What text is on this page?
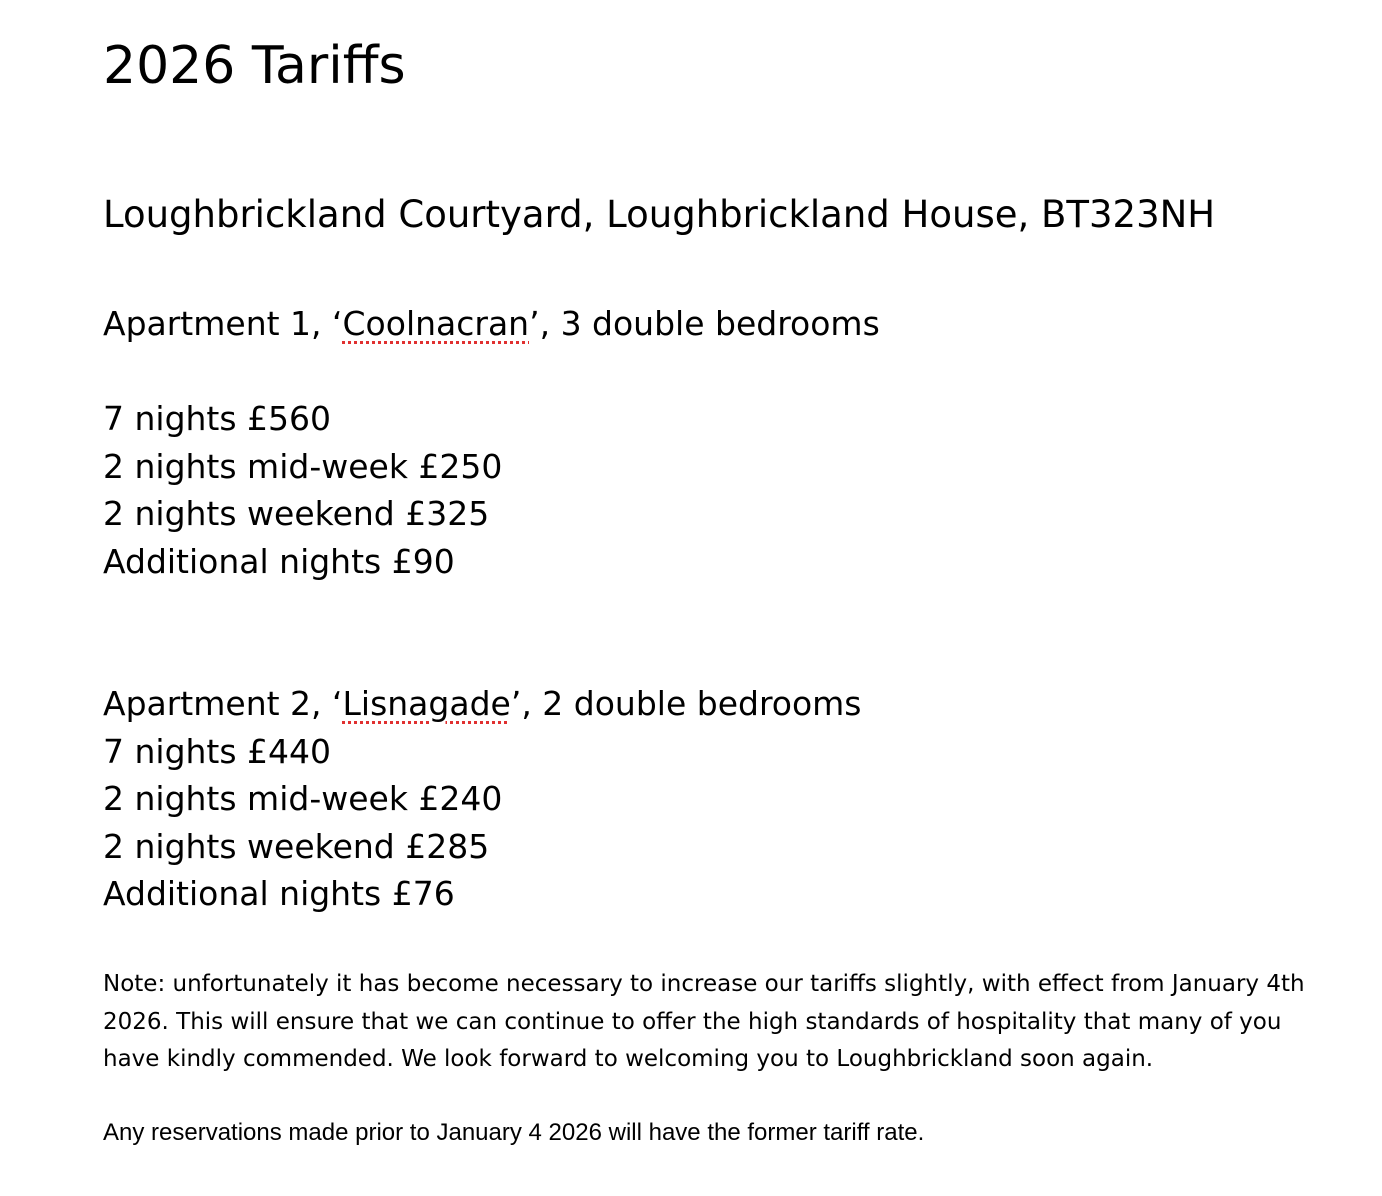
2026 Tariffs

Loughbrickland Courtyard, Loughbrickland House, BT323NH

Apartment 1, ‘Coolnacran’, 3 double bedrooms

7 nights £560

2 nights mid-week £250

2 nights weekend £325

Additional nights £90

Apartment 2, ‘Lisnagade’, 2 double bedrooms

7 nights £440

2 nights mid-week £240

2 nights weekend £285

Additional nights £76

Note: unfortunately it has become necessary to increase our tariffs slightly, with effect from January 4th 2026. This will ensure that we can continue to offer the high standards of hospitality that many of you have kindly commended. We look forward to welcoming you to Loughbrickland soon again.

Any reservations made prior to January 4 2026 will have the former tariff rate.
